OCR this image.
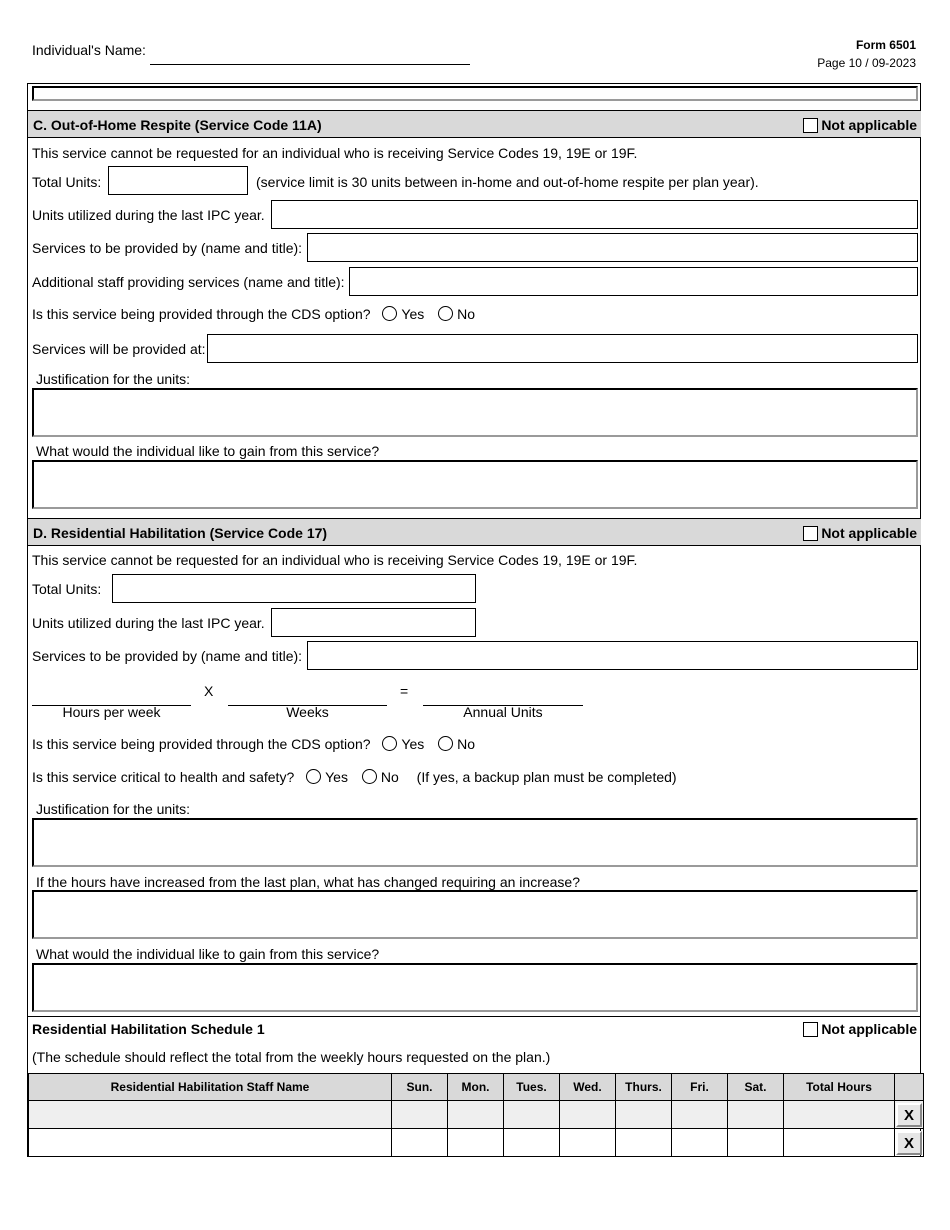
Individual's Name:	Form 6501
Page 10 / 09-2023
C. Out-of-Home Respite (Service Code 11A)	Not applicable
This service cannot be requested for an individual who is receiving Service Codes 19, 19E or 19F.
Total Units:	(service limit is 30 units between in-home and out-of-home respite per plan year).
Units utilized during the last IPC year.
Services to be provided by (name and title):
Additional staff providing services (name and title):
Is this service being provided through the CDS option? Yes No
Services will be provided at:
Justification for the units:
What would the individual like to gain from this service?
D. Residential Habilitation (Service Code 17)	Not applicable
This service cannot be requested for an individual who is receiving Service Codes 19, 19E or 19F.
Total Units:
Units utilized during the last IPC year.
Services to be provided by (name and title):
X	=
Hours per week	Weeks	Annual Units
Is this service being provided through the CDS option? Yes No
Is this service critical to health and safety? Yes No (If yes, a backup plan must be completed)
Justification for the units:
If the hours have increased from the last plan, what has changed requiring an increase?
What would the individual like to gain from this service?
Residential Habilitation Schedule 1	Not applicable
(The schedule should reflect the total from the weekly hours requested on the plan.)
Residential Habilitation Staff Name	Sun.	Mon.	Tues.	Wed.	Thurs.	Fri.	Sat.	Total Hours	

									X

									X
